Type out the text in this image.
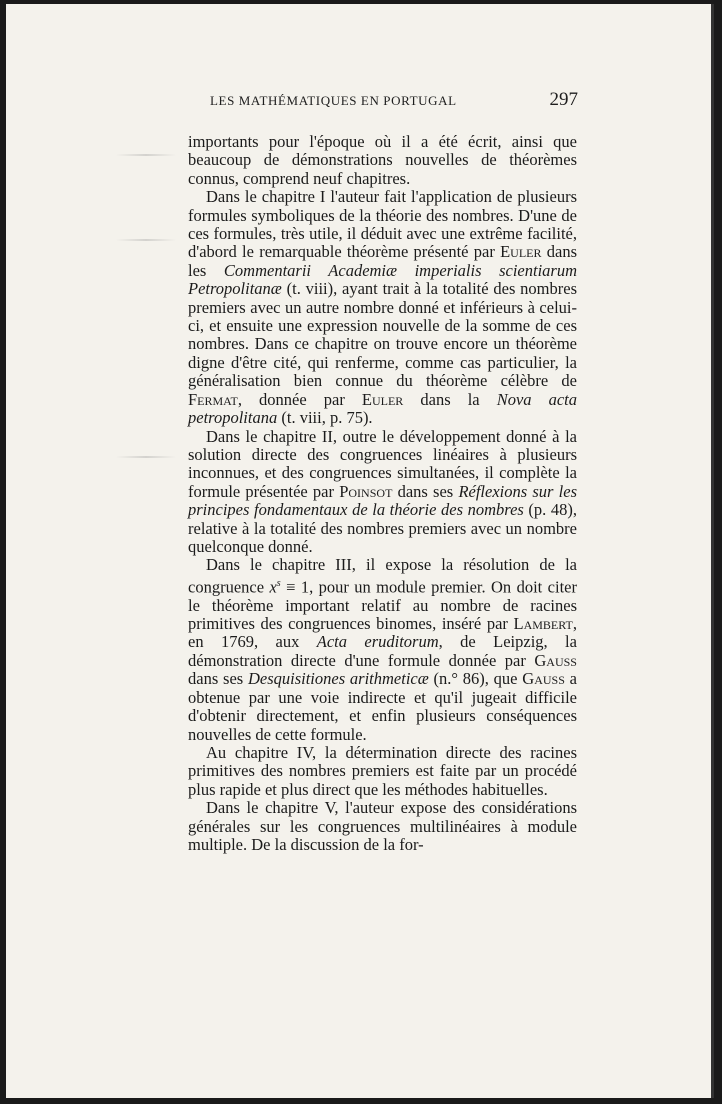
LES MATHÉMATIQUES EN PORTUGAL	297

importants pour l'époque où il a été écrit, ainsi que beaucoup de démonstrations nouvelles de théorèmes connus, comprend neuf chapitres.

Dans le chapitre I l'auteur fait l'application de plusieurs formules symboliques de la théorie des nombres. D'une de ces formules, très utile, il déduit avec une extrême facilité, d'abord le remarquable théorème présenté par Euler dans les Commentarii Academiæ imperialis scientiarum Petropolitanæ (t. viii), ayant trait à la totalité des nombres premiers avec un autre nombre donné et inférieurs à celui-ci, et ensuite une expression nouvelle de la somme de ces nombres. Dans ce chapitre on trouve encore un théorème digne d'être cité, qui renferme, comme cas particulier, la généralisation bien connue du théorème célèbre de Fermat, donnée par Euler dans la Nova acta petropolitana (t. viii, p. 75).

Dans le chapitre II, outre le développement donné à la solution directe des congruences linéaires à plusieurs inconnues, et des congruences simultanées, il complète la formule présentée par Poinsot dans ses Réflexions sur les principes fondamentaux de la théorie des nombres (p. 48), relative à la totalité des nombres premiers avec un nombre quelconque donné.

Dans le chapitre III, il expose la résolution de la congruence $x^s \equiv 1$, pour un module premier. On doit citer le théorème important relatif au nombre de racines primitives des congruences binomes, inséré par Lambert, en 1769, aux Acta eruditorum, de Leipzig, la démonstration directe d'une formule donnée par Gauss dans ses Desquisitiones arithmeticæ (n.° 86), que Gauss a obtenue par une voie indirecte et qu'il jugeait difficile d'obtenir directement, et enfin plusieurs conséquences nouvelles de cette formule.

Au chapitre IV, la détermination directe des racines primitives des nombres premiers est faite par un procédé plus rapide et plus direct que les méthodes habituelles.

Dans le chapitre V, l'auteur expose des considérations générales sur les congruences multilinéaires à module multiple. De la discussion de la for-
